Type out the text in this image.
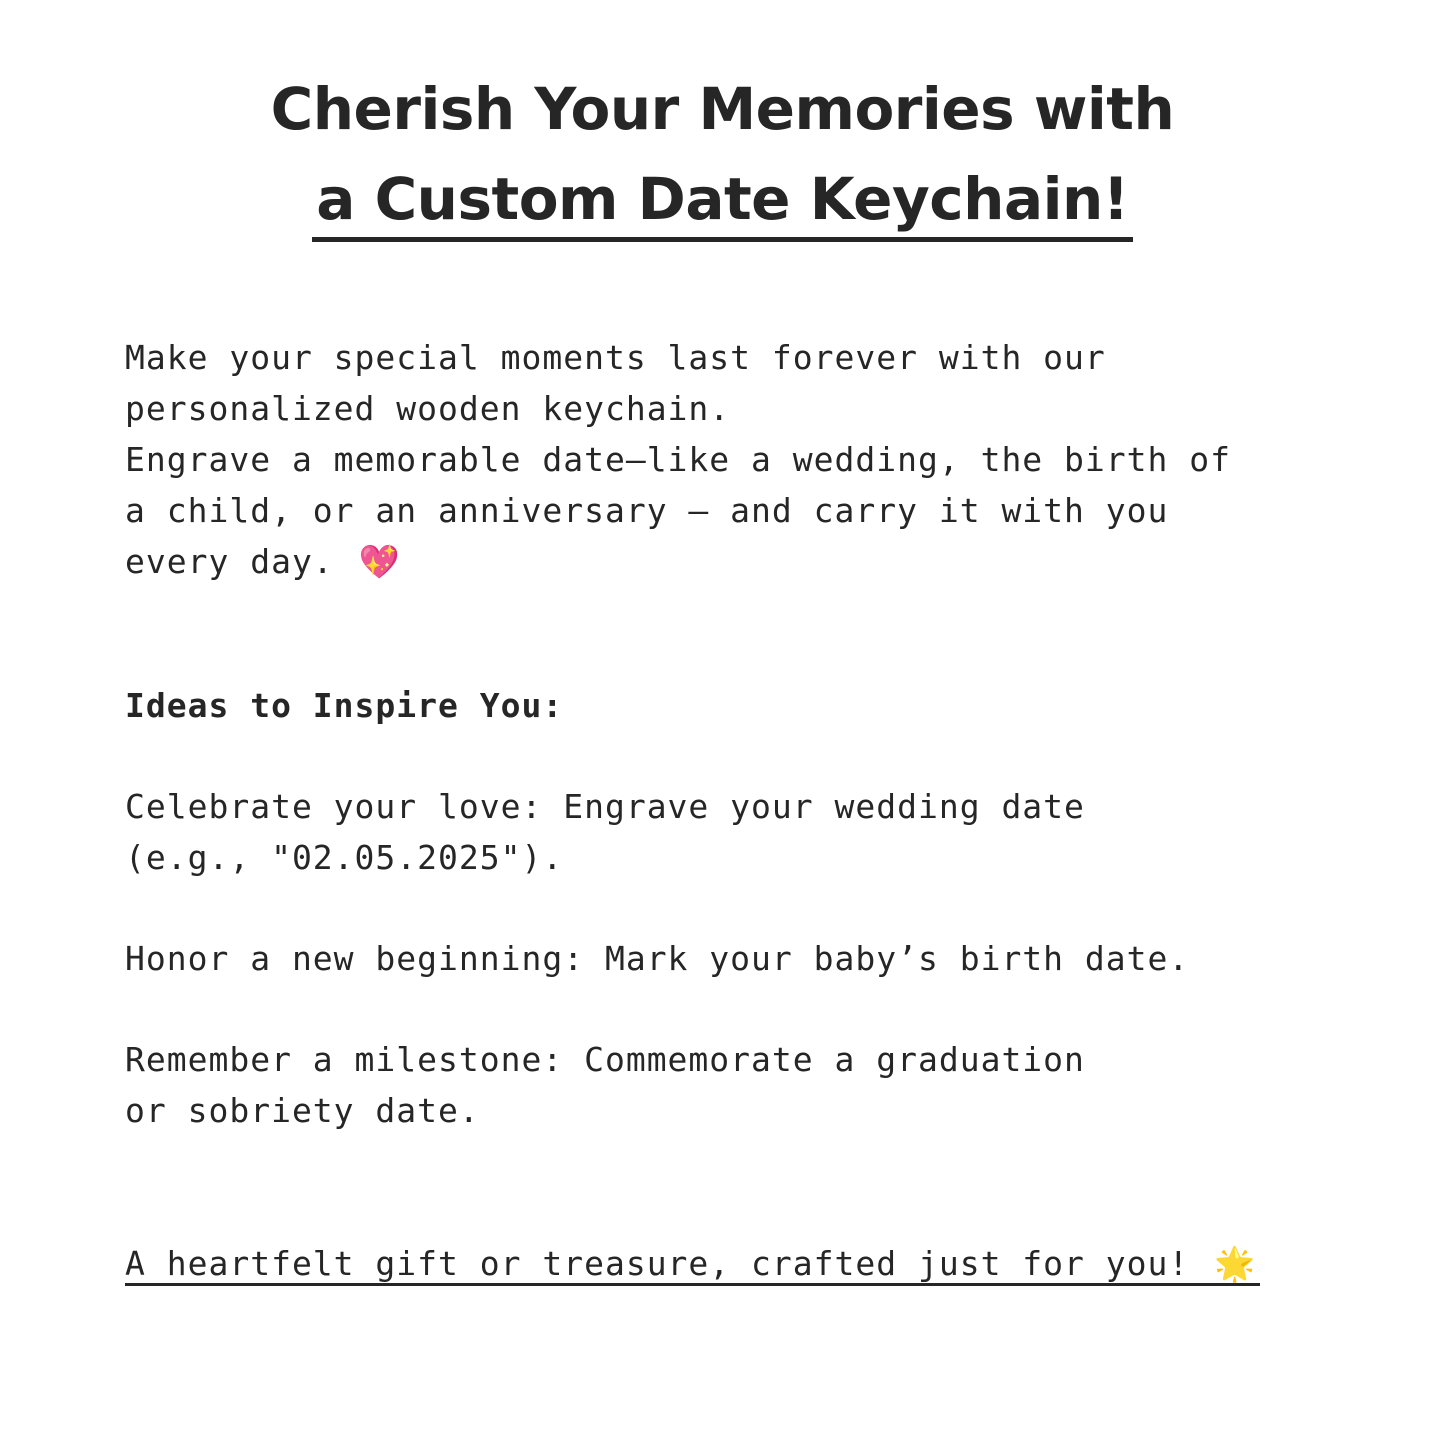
Cherish Your Memories with
a Custom Date Keychain!
Make your special moments last forever with our
personalized wooden keychain.
Engrave a memorable date—like a wedding, the birth of
a child, or an anniversary — and carry it with you
every day. 💖
Ideas to Inspire You:
Celebrate your love: Engrave your wedding date
(e.g., "02.05.2025").
Honor a new beginning: Mark your baby’s birth date.
Remember a milestone: Commemorate a graduation
or sobriety date.
A heartfelt gift or treasure, crafted just for you! 🌟
